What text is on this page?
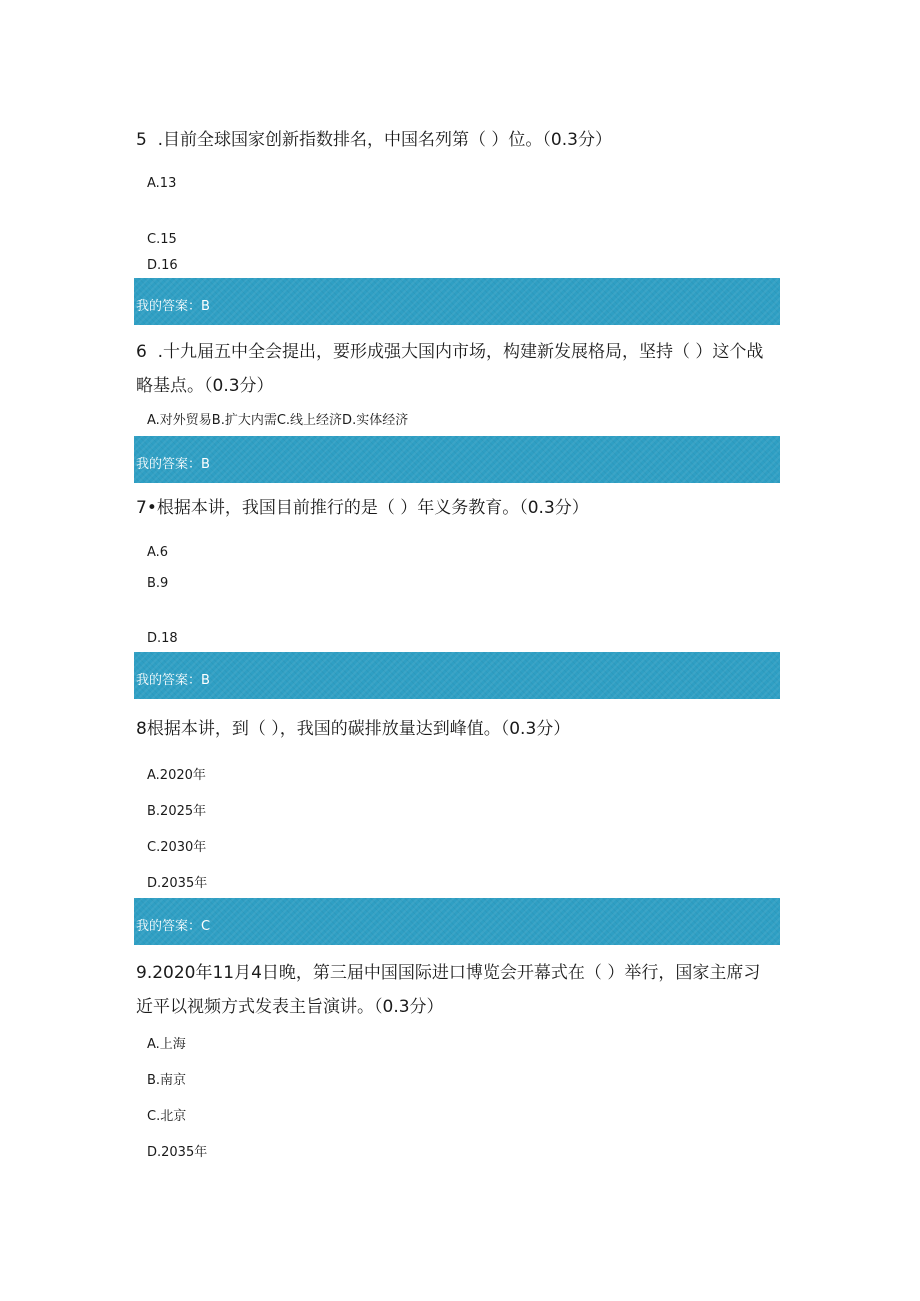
5  .目前全球国家创新指数排名，中国名列第（ ）位。（0.3分）

A.13
C.15
D.16
我的答案：B

6  .十九届五中全会提出，要形成强大国内市场，构建新发展格局，坚持（ ）这个战略基点。（0.3分）

A.对外贸易B.扩大内需C.线上经济D.实体经济
我的答案：B

7•根据本讲，我国目前推行的是（ ）年义务教育。（0.3分）

A.6
B.9
D.18
我的答案：B

8根据本讲，到（ ），我国的碳排放量达到峰值。（0.3分）

A.2020年
B.2025年
C.2030年
D.2035年
我的答案：C

9.2020年11月4日晚，第三届中国国际进口博览会开幕式在（ ）举行，国家主席习近平以视频方式发表主旨演讲。（0.3分）

A.上海
B.南京
C.北京
D.2035年
